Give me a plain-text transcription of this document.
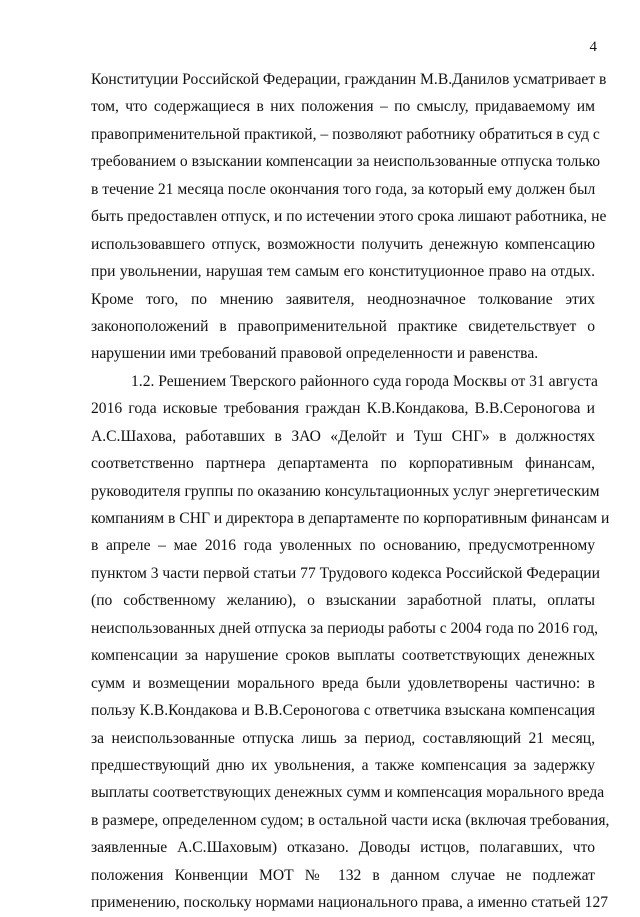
4
Конституции Российской Федерации, гражданин М.В.Данилов усматривает в
том, что содержащиеся в них положения – по смыслу, придаваемому им
правоприменительной практикой, – позволяют работнику обратиться в суд с
требованием о взыскании компенсации за неиспользованные отпуска только
в течение 21 месяца после окончания того года, за который ему должен был
быть предоставлен отпуск, и по истечении этого срока лишают работника, не
использовавшего отпуск, возможности получить денежную компенсацию
при увольнении, нарушая тем самым его конституционное право на отдых.
Кроме того, по мнению заявителя, неоднозначное толкование этих
законоположений в правоприменительной практике свидетельствует о
нарушении ими требований правовой определенности и равенства.
1.2. Решением Тверского районного суда города Москвы от 31 августа
2016 года исковые требования граждан К.В.Кондакова, В.В.Сероногова и
А.С.Шахова, работавших в ЗАО «Делойт и Туш СНГ» в должностях
соответственно партнера департамента по корпоративным финансам,
руководителя группы по оказанию консультационных услуг энергетическим
компаниям в СНГ и директора в департаменте по корпоративным финансам и
в апреле – мае 2016 года уволенных по основанию, предусмотренному
пунктом 3 части первой статьи 77 Трудового кодекса Российской Федерации
(по собственному желанию), о взыскании заработной платы, оплаты
неиспользованных дней отпуска за периоды работы с 2004 года по 2016 год,
компенсации за нарушение сроков выплаты соответствующих денежных
сумм и возмещении морального вреда были удовлетворены частично: в
пользу К.В.Кондакова и В.В.Сероногова с ответчика взыскана компенсация
за неиспользованные отпуска лишь за период, составляющий 21 месяц,
предшествующий дню их увольнения, а также компенсация за задержку
выплаты соответствующих денежных сумм и компенсация морального вреда
в размере, определенном судом; в остальной части иска (включая требования,
заявленные А.С.Шаховым) отказано. Доводы истцов, полагавших, что
положения Конвенции МОТ № 132 в данном случае не подлежат
применению, поскольку нормами национального права, а именно статьей 127
